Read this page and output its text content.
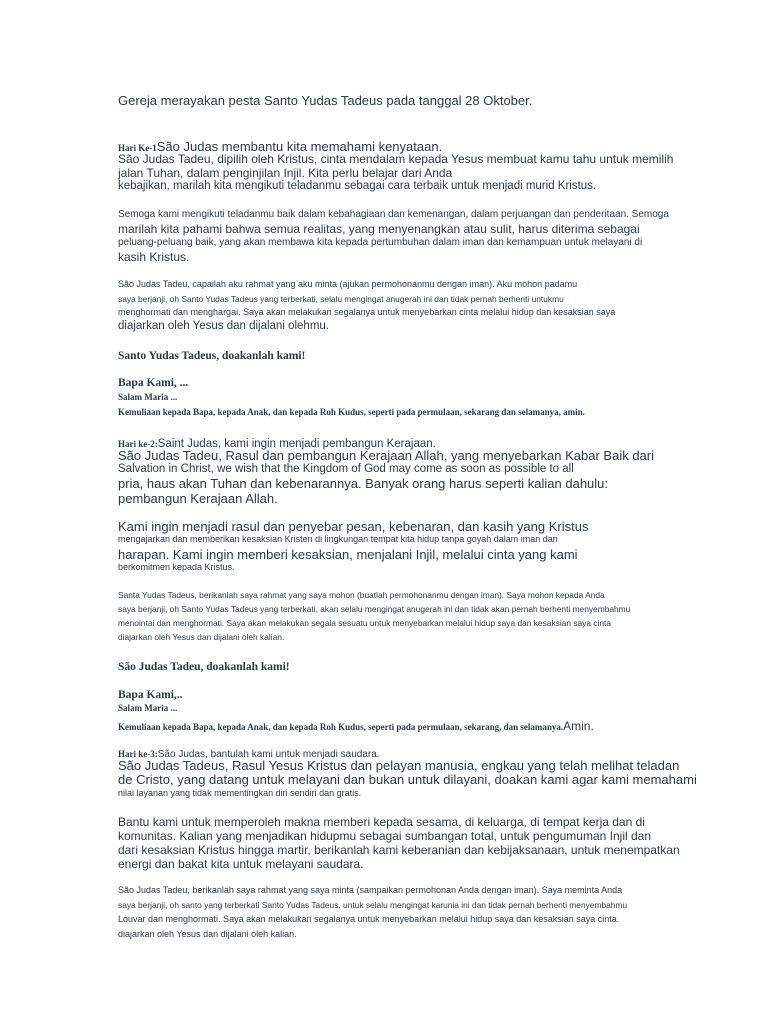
Gereja merayakan pesta Santo Yudas Tadeus pada tanggal 28 Oktober.

Hari Ke-1São Judas membantu kita memahami kenyataan.

São Judas Tadeu, dipilih oleh Kristus, cinta mendalam kepada Yesus membuat kamu tahu untuk memilih

jalan Tuhan, dalam penginjilan Injil. Kita perlu belajar dari Anda

kebajikan, marilah kita mengikuti teladanmu sebagai cara terbaik untuk menjadi murid Kristus.

Semoga kami mengikuti teladanmu baik dalam kebahagiaan dan kemenangan, dalam perjuangan dan penderitaan. Semoga

marilah kita pahami bahwa semua realitas, yang menyenangkan atau sulit, harus diterima sebagai

peluang-peluang baik, yang akan membawa kita kepada pertumbuhan dalam iman dan kemampuan untuk melayani di

kasih Kristus.

São Judas Tadeu, capailah aku rahmat yang aku minta (ajukan permohonanmu dengan iman). Aku mohon padamu

saya berjanji, oh Santo Yudas Tadeus yang terberkati, selalu mengingat anugerah ini dan tidak pernah berhenti untukmu

menghormati dan menghargai. Saya akan melakukan segalanya untuk menyebarkan cinta melalui hidup dan kesaksian saya

diajarkan oleh Yesus dan dijalani olehmu.

Santo Yudas Tadeus, doakanlah kami!

Bapa Kami, ...

Salam Maria ...

Kemuliaan kepada Bapa, kepada Anak, dan kepada Roh Kudus, seperti pada permulaan, sekarang dan selamanya, amin.

Hari ke-2:Saint Judas, kami ingin menjadi pembangun Kerajaan.

São Judas Tadeu, Rasul dan pembangun Kerajaan Allah, yang menyebarkan Kabar Baik dari

Salvation in Christ, we wish that the Kingdom of God may come as soon as possible to all

pria, haus akan Tuhan dan kebenarannya. Banyak orang harus seperti kalian dahulu:

pembangun Kerajaan Allah.

Kami ingin menjadi rasul dan penyebar pesan, kebenaran, dan kasih yang Kristus

mengajarkan dan memberikan kesaksian Kristen di lingkungan tempat kita hidup tanpa goyah dalam iman dan

harapan. Kami ingin memberi kesaksian, menjalani Injil, melalui cinta yang kami

berkomitmen kepada Kristus.

Santa Yudas Tadeus, berikanlah saya rahmat yang saya mohon (buatlah permohonanmu dengan iman). Saya mohon kepada Anda

saya berjanji, oh Santo Yudas Tadeus yang terberkati, akan selalu mengingat anugerah ini dan tidak akan pernah berhenti menyembahmu

menointai dan menghormati. Saya akan melakukan segala sesuatu untuk menyebarkan melalui hidup saya dan kesaksian saya cinta

diajarkan oleh Yesus dan dijalani oleh kalian.

São Judas Tadeu, doakanlah kami!

Bapa Kami,..

Salam Maria ...

Kemuliaan kepada Bapa, kepada Anak, dan kepada Roh Kudus, seperti pada permulaan, sekarang, dan selamanya.Amin.

Hari ke-3:São Judas, bantulah kami untuk menjadi saudara.

São Judas Tadeus, Rasul Yesus Kristus dan pelayan manusia, engkau yang telah melihat teladan

de Cristo, yang datang untuk melayani dan bukan untuk dilayani, doakan kami agar kami memahami

nilai layanan yang tidak mementingkan diri sendiri dan gratis.

Bantu kami untuk memperoleh makna memberi kepada sesama, di keluarga, di tempat kerja dan di

komunitas. Kalian yang menjadikan hidupmu sebagai sumbangan total, untuk pengumuman Injil dan

dari kesaksian Kristus hingga martir, berikanlah kami keberanian dan kebijaksanaan, untuk menempatkan

energi dan bakat kita untuk melayani saudara.

São Judas Tadeu, berikanlah saya rahmat yang saya minta (sampaikan permohonan Anda dengan iman). Saya meminta Anda

saya berjanji, oh santo yang terberkati Santo Yudas Tadeus, untuk selalu mengingat karunia ini dan tidak pernah berhenti menyembahmu

Louvar dan menghormati. Saya akan melakukan segalanya untuk menyebarkan melalui hidup saya dan kesaksian saya cinta.

diajarkan oleh Yesus dan dijalani oleh kalian.
